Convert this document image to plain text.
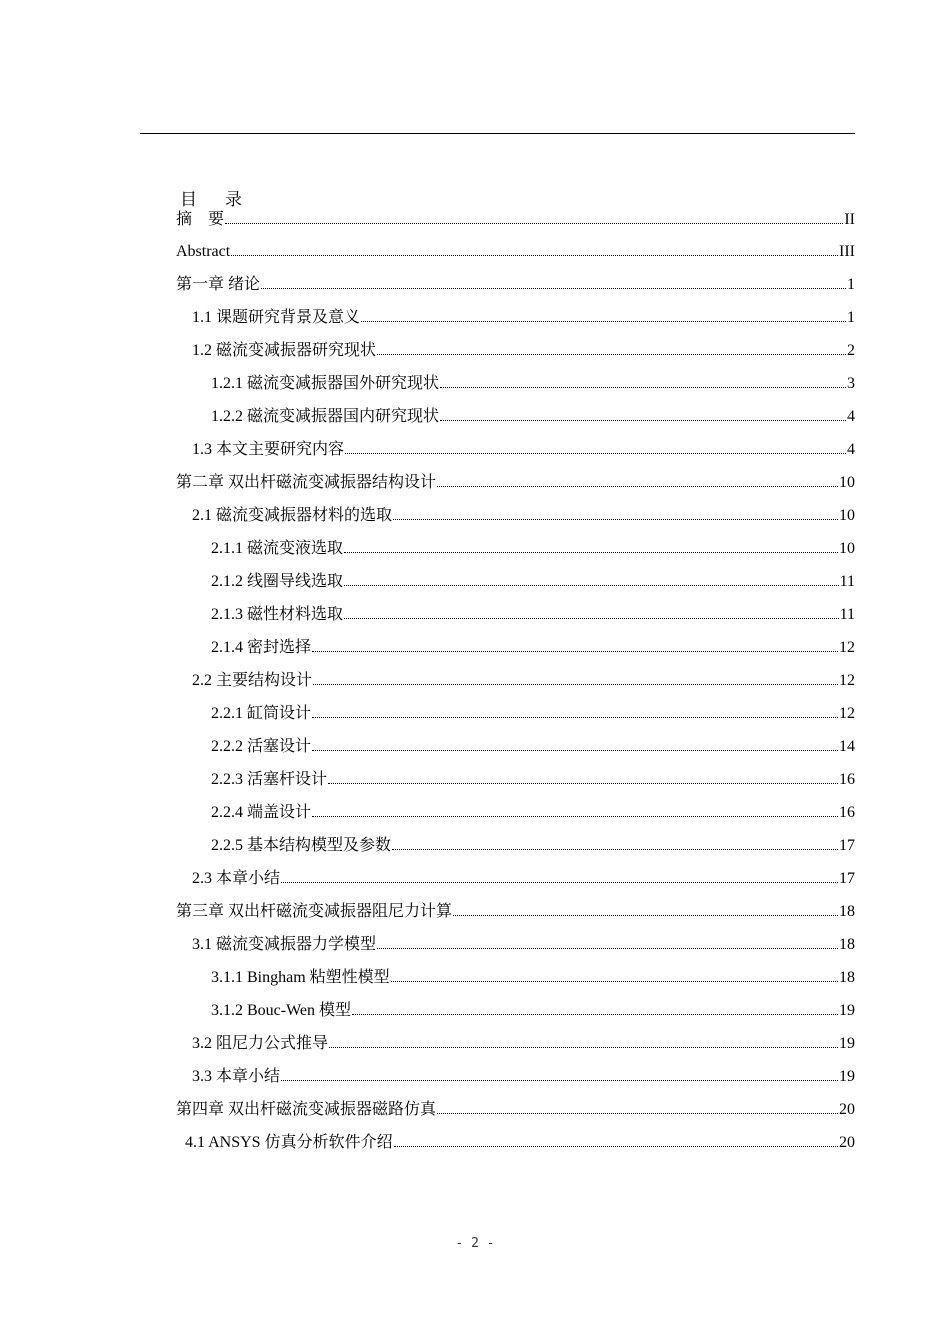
目 录
摘　要	II
Abstract	III
第一章 绪论	1
1.1 课题研究背景及意义	1
1.2 磁流变减振器研究现状	2
1.2.1 磁流变减振器国外研究现状	3
1.2.2 磁流变减振器国内研究现状	4
1.3 本文主要研究内容	4
第二章 双出杆磁流变减振器结构设计	10
2.1 磁流变减振器材料的选取	10
2.1.1 磁流变液选取	10
2.1.2 线圈导线选取	11
2.1.3 磁性材料选取	11
2.1.4 密封选择	12
2.2 主要结构设计	12
2.2.1 缸筒设计	12
2.2.2 活塞设计	14
2.2.3 活塞杆设计	16
2.2.4 端盖设计	16
2.2.5 基本结构模型及参数	17
2.3 本章小结	17
第三章 双出杆磁流变减振器阻尼力计算	18
3.1 磁流变减振器力学模型	18
3.1.1 Bingham 粘塑性模型	18
3.1.2 Bouc-Wen 模型	19
3.2 阻尼力公式推导	19
3.3 本章小结	19
第四章 双出杆磁流变减振器磁路仿真	20
4.1 ANSYS 仿真分析软件介绍	20
- 2 -
